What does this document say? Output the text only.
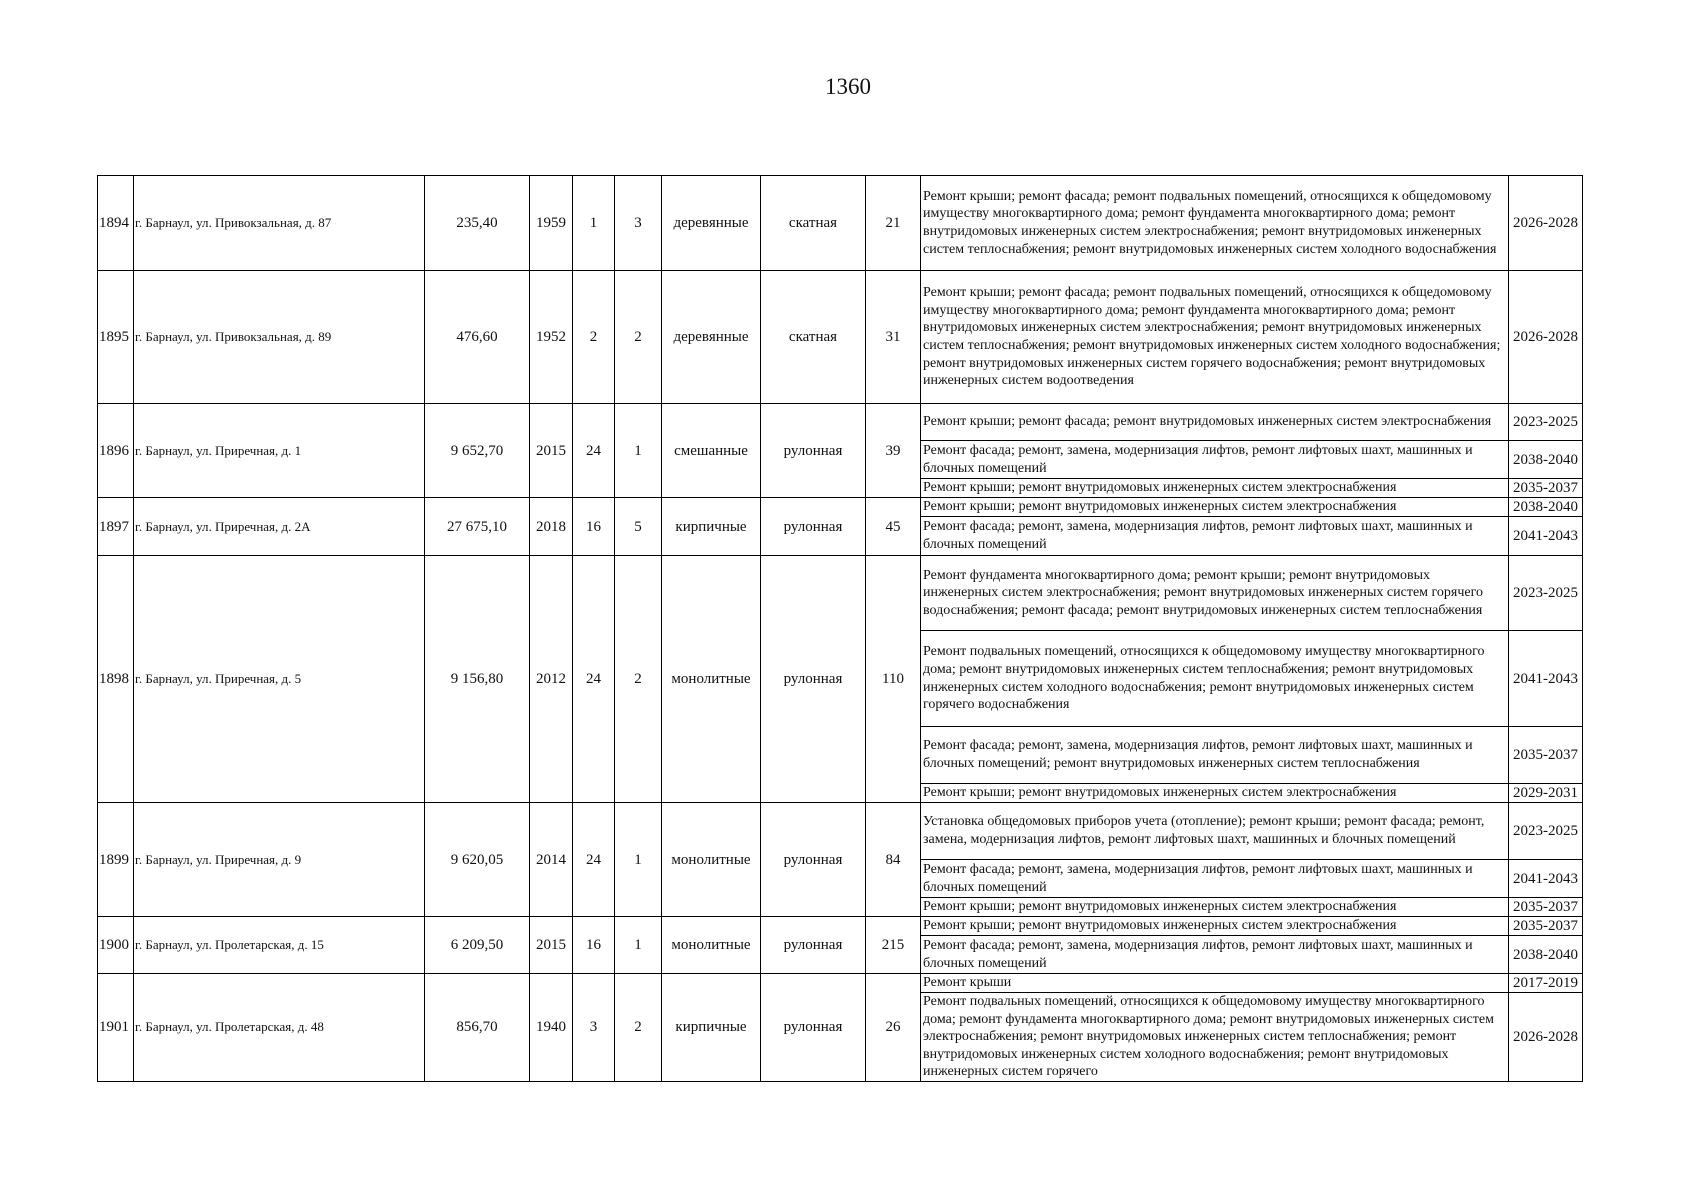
1360
1894	г. Барнаул, ул. Привокзальная, д. 87	235,40	1959	1	3	деревянные	скатная	21	Ремонт крыши; ремонт фасада; ремонт подвальных помещений, относящихся к общедомовому имуществу многоквартирного дома; ремонт фундамента многоквартирного дома; ремонт внутридомовых инженерных систем электроснабжения; ремонт внутридомовых инженерных систем теплоснабжения; ремонт внутридомовых инженерных систем холодного водоснабжения	2026-2028
1895	г. Барнаул, ул. Привокзальная, д. 89	476,60	1952	2	2	деревянные	скатная	31	Ремонт крыши; ремонт фасада; ремонт подвальных помещений, относящихся к общедомовому имуществу многоквартирного дома; ремонт фундамента многоквартирного дома; ремонт внутридомовых инженерных систем электроснабжения; ремонт внутридомовых инженерных систем теплоснабжения; ремонт внутридомовых инженерных систем холодного водоснабжения; ремонт внутридомовых инженерных систем горячего водоснабжения; ремонт внутридомовых инженерных систем водоотведения	2026-2028
1896	г. Барнаул, ул. Приречная, д. 1	9 652,70	2015	24	1	смешанные	рулонная	39	Ремонт крыши; ремонт фасада; ремонт внутридомовых инженерных систем электроснабжения	2023-2025
									Ремонт фасада; ремонт, замена, модернизация лифтов, ремонт лифтовых шахт, машинных и блочных помещений	2038-2040
									Ремонт крыши; ремонт внутридомовых инженерных систем электроснабжения	2035-2037
1897	г. Барнаул, ул. Приречная, д. 2А	27 675,10	2018	16	5	кирпичные	рулонная	45	Ремонт крыши; ремонт внутридомовых инженерных систем электроснабжения	2038-2040
									Ремонт фасада; ремонт, замена, модернизация лифтов, ремонт лифтовых шахт, машинных и блочных помещений	2041-2043
1898	г. Барнаул, ул. Приречная, д. 5	9 156,80	2012	24	2	монолитные	рулонная	110	Ремонт фундамента многоквартирного дома; ремонт крыши; ремонт внутридомовых инженерных систем электроснабжения; ремонт внутридомовых инженерных систем горячего водоснабжения; ремонт фасада; ремонт внутридомовых инженерных систем теплоснабжения	2023-2025
									Ремонт подвальных помещений, относящихся к общедомовому имуществу многоквартирного дома; ремонт внутридомовых инженерных систем теплоснабжения; ремонт внутридомовых инженерных систем холодного водоснабжения; ремонт внутридомовых инженерных систем горячего водоснабжения	2041-2043
									Ремонт фасада; ремонт, замена, модернизация лифтов, ремонт лифтовых шахт, машинных и блочных помещений; ремонт внутридомовых инженерных систем теплоснабжения	2035-2037
									Ремонт крыши; ремонт внутридомовых инженерных систем электроснабжения	2029-2031
1899	г. Барнаул, ул. Приречная, д. 9	9 620,05	2014	24	1	монолитные	рулонная	84	Установка общедомовых приборов учета (отопление); ремонт крыши; ремонт фасада; ремонт, замена, модернизация лифтов, ремонт лифтовых шахт, машинных и блочных помещений	2023-2025
									Ремонт фасада; ремонт, замена, модернизация лифтов, ремонт лифтовых шахт, машинных и блочных помещений	2041-2043
									Ремонт крыши; ремонт внутридомовых инженерных систем электроснабжения	2035-2037
1900	г. Барнаул, ул. Пролетарская, д. 15	6 209,50	2015	16	1	монолитные	рулонная	215	Ремонт крыши; ремонт внутридомовых инженерных систем электроснабжения	2035-2037
									Ремонт фасада; ремонт, замена, модернизация лифтов, ремонт лифтовых шахт, машинных и блочных помещений	2038-2040
1901	г. Барнаул, ул. Пролетарская, д. 48	856,70	1940	3	2	кирпичные	рулонная	26	Ремонт крыши	2017-2019
									Ремонт подвальных помещений, относящихся к общедомовому имуществу многоквартирного дома; ремонт фундамента многоквартирного дома; ремонт внутридомовых инженерных систем электроснабжения; ремонт внутридомовых инженерных систем теплоснабжения; ремонт внутридомовых инженерных систем холодного водоснабжения; ремонт внутридомовых инженерных систем горячего	2026-2028
